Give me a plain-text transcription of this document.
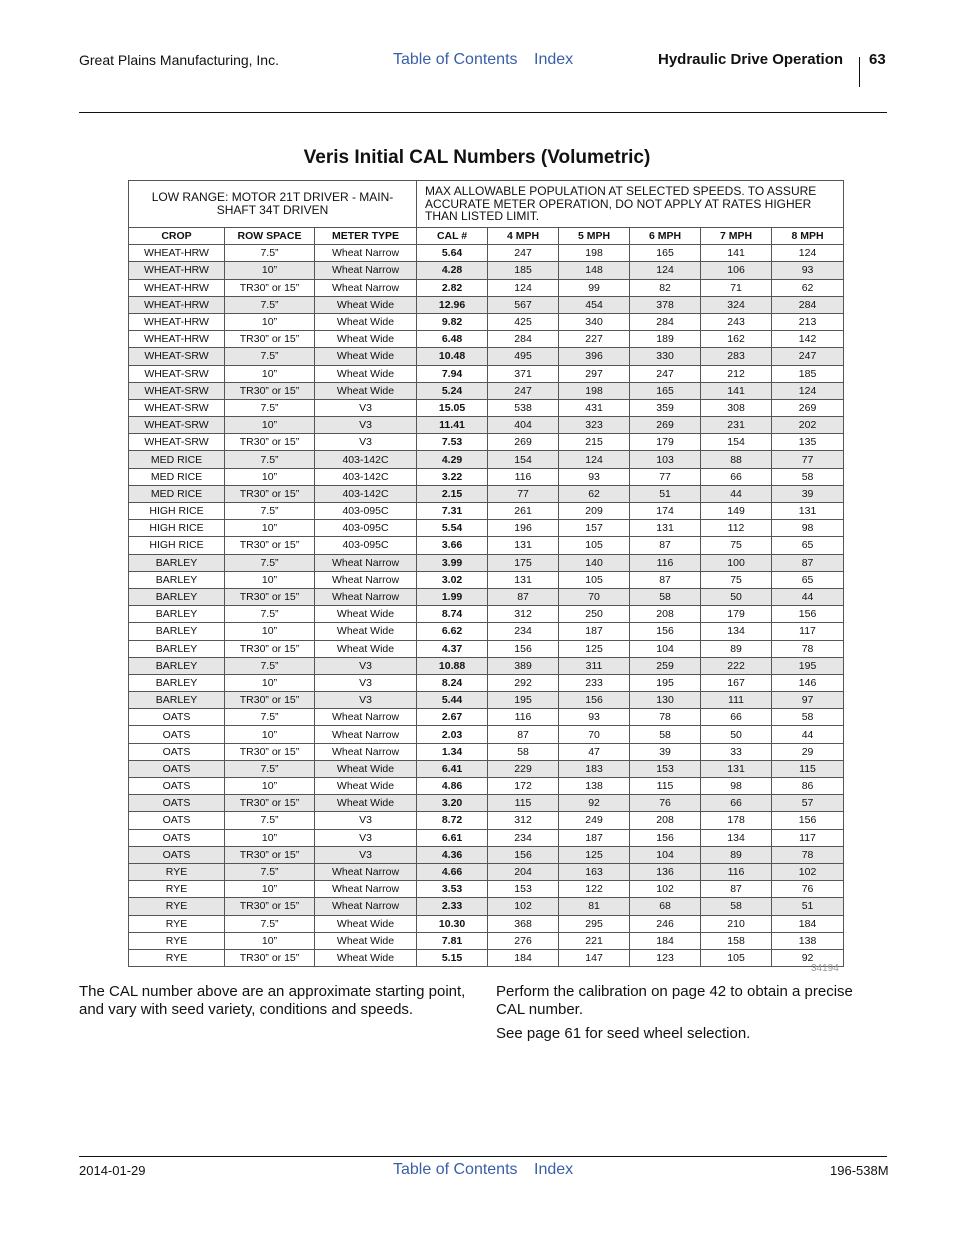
Great Plains Manufacturing, Inc.	Table of Contents Index	Hydraulic Drive Operation 63
Veris Initial CAL Numbers (Volumetric)
LOW RANGE: MOTOR 21T DRIVER - MAIN-SHAFT 34T DRIVEN			MAX ALLOWABLE POPULATION AT SELECTED SPEEDS. TO ASSURE ACCURATE METER OPERATION, DO NOT APPLY AT RATES HIGHER THAN LISTED LIMIT.					
CROP	ROW SPACE	METER TYPE	CAL #	4 MPH	5 MPH	6 MPH	7 MPH	8 MPH
WHEAT-HRW	7.5”	Wheat Narrow	5.64	247	198	165	141	124
WHEAT-HRW	10”	Wheat Narrow	4.28	185	148	124	106	93
WHEAT-HRW	TR30” or 15”	Wheat Narrow	2.82	124	99	82	71	62
WHEAT-HRW	7.5”	Wheat Wide	12.96	567	454	378	324	284
WHEAT-HRW	10”	Wheat Wide	9.82	425	340	284	243	213
WHEAT-HRW	TR30” or 15”	Wheat Wide	6.48	284	227	189	162	142
WHEAT-SRW	7.5”	Wheat Wide	10.48	495	396	330	283	247
WHEAT-SRW	10”	Wheat Wide	7.94	371	297	247	212	185
WHEAT-SRW	TR30” or 15”	Wheat Wide	5.24	247	198	165	141	124
WHEAT-SRW	7.5”	V3	15.05	538	431	359	308	269
WHEAT-SRW	10”	V3	11.41	404	323	269	231	202
WHEAT-SRW	TR30” or 15”	V3	7.53	269	215	179	154	135
MED RICE	7.5”	403-142C	4.29	154	124	103	88	77
MED RICE	10”	403-142C	3.22	116	93	77	66	58
MED RICE	TR30” or 15”	403-142C	2.15	77	62	51	44	39
HIGH RICE	7.5”	403-095C	7.31	261	209	174	149	131
HIGH RICE	10”	403-095C	5.54	196	157	131	112	98
HIGH RICE	TR30” or 15”	403-095C	3.66	131	105	87	75	65
BARLEY	7.5”	Wheat Narrow	3.99	175	140	116	100	87
BARLEY	10”	Wheat Narrow	3.02	131	105	87	75	65
BARLEY	TR30” or 15”	Wheat Narrow	1.99	87	70	58	50	44
BARLEY	7.5”	Wheat Wide	8.74	312	250	208	179	156
BARLEY	10”	Wheat Wide	6.62	234	187	156	134	117
BARLEY	TR30” or 15”	Wheat Wide	4.37	156	125	104	89	78
BARLEY	7.5”	V3	10.88	389	311	259	222	195
BARLEY	10”	V3	8.24	292	233	195	167	146
BARLEY	TR30” or 15”	V3	5.44	195	156	130	111	97
OATS	7.5”	Wheat Narrow	2.67	116	93	78	66	58
OATS	10”	Wheat Narrow	2.03	87	70	58	50	44
OATS	TR30” or 15”	Wheat Narrow	1.34	58	47	39	33	29
OATS	7.5”	Wheat Wide	6.41	229	183	153	131	115
OATS	10”	Wheat Wide	4.86	172	138	115	98	86
OATS	TR30” or 15”	Wheat Wide	3.20	115	92	76	66	57
OATS	7.5”	V3	8.72	312	249	208	178	156
OATS	10”	V3	6.61	234	187	156	134	117
OATS	TR30” or 15”	V3	4.36	156	125	104	89	78
RYE	7.5”	Wheat Narrow	4.66	204	163	136	116	102
RYE	10”	Wheat Narrow	3.53	153	122	102	87	76
RYE	TR30” or 15”	Wheat Narrow	2.33	102	81	68	58	51
RYE	7.5”	Wheat Wide	10.30	368	295	246	210	184
RYE	10”	Wheat Wide	7.81	276	221	184	158	138
RYE	TR30” or 15”	Wheat Wide	5.15	184	147	123	105	92
34194
The CAL number above are an approximate starting point, and vary with seed variety, conditions and speeds.
Perform the calibration on page 42 to obtain a precise CAL number.
See page 61 for seed wheel selection.
2014-01-29	Table of Contents Index	196-538M
